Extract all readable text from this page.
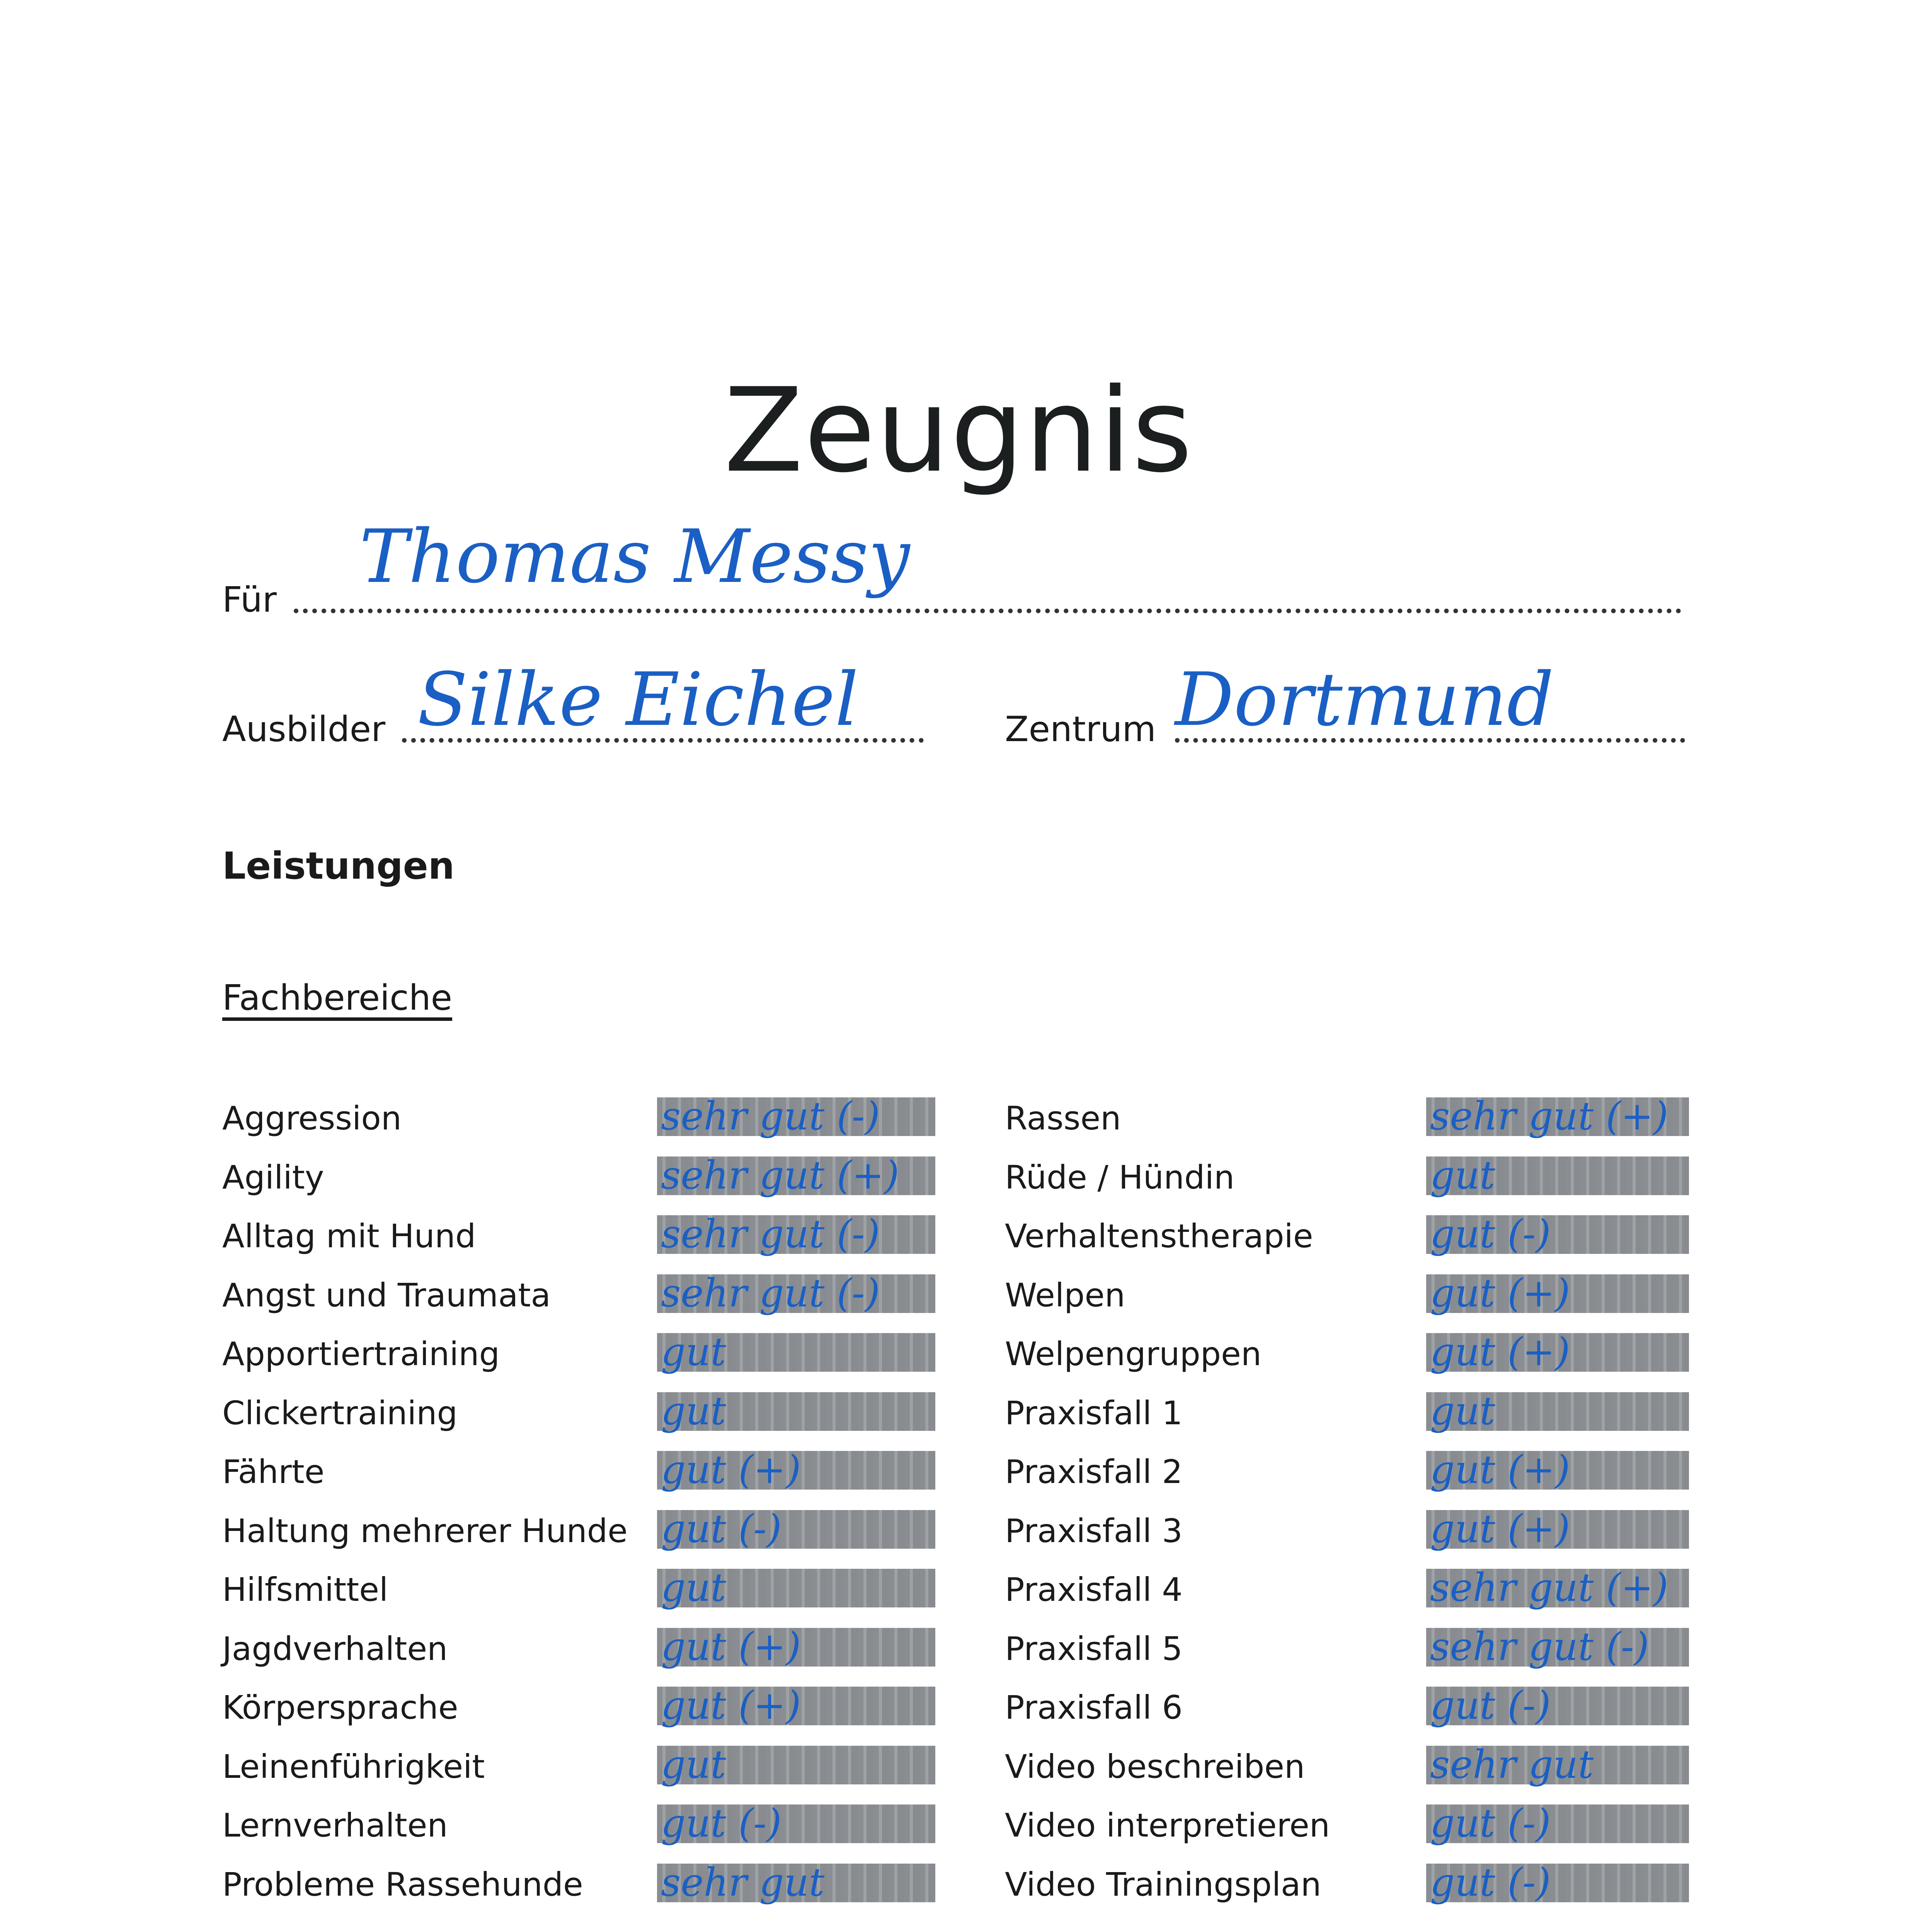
Zeugnis
Für
Thomas Messy
Ausbilder Silke Eichel	Zentrum Dortmund
Leistungen
Fachbereiche
Aggression	sehr gut (-)
Agility	sehr gut (+)
Alltag mit Hund	sehr gut (-)
Angst und Traumata	sehr gut (-)
Apportiertraining	gut
Clickertraining	gut
Fährte	gut (+)
Haltung mehrerer Hunde gut (-)
Hilfsmittel	gut
Jagdverhalten	gut (+)
Körpersprache	gut (+)
Leinenführigkeit	gut
Lernverhalten	gut (-)
Probleme Rassehunde sehr gut
Rassen	sehr gut (+)
Rüde / Hündin	gut
Verhaltenstherapie	gut (-)
Welpen	gut (+)
Welpengruppen	gut (+)
Praxisfall 1	gut
Praxisfall 2	gut (+)
Praxisfall 3	gut (+)
Praxisfall 4	sehr gut (+)
Praxisfall 5	sehr gut (-)
Praxisfall 6	gut (-)
Video beschreiben	sehr gut
Video interpretieren	gut (-)
Video Trainingsplan	gut (-)
